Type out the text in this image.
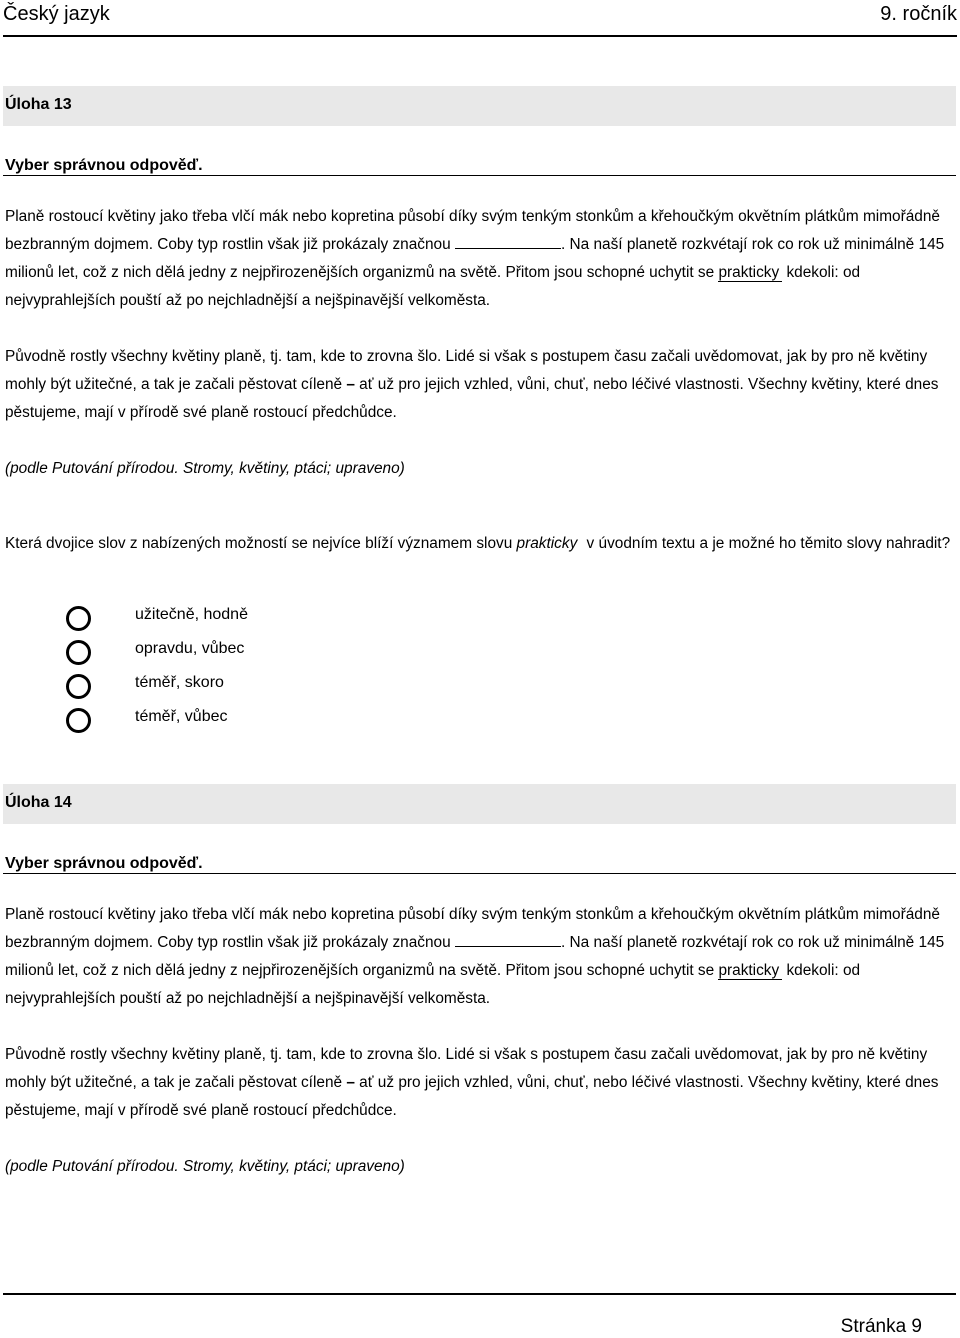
Český jazyk	9. ročník
Úloha 13
Vyber správnou odpověď.

Planě rostoucí květiny jako třeba vlčí mák nebo kopretina působí díky svým tenkým stonkům a křehoučkým okvětním plátkům mimořádně bezbranným dojmem. Coby typ rostlin však již prokázaly značnou	. Na naší planetě rozkvétají rok co rok už minimálně 145 milionů let, což z nich dělá jedny z nejpřirozenějších organizmů na světě. Přitom jsou schopné uchytit se prakticky kdekoli: od nejvyprahlejších pouští až po nejchladnější a nejšpinavější velkoměsta.

Původně rostly všechny květiny planě, tj. tam, kde to zrovna šlo. Lidé si však s postupem času začali uvědomovat, jak by pro ně květiny mohly být užitečné, a tak je začali pěstovat cíleně – ať už pro jejich vzhled, vůni, chuť, nebo léčivé vlastnosti. Všechny květiny, které dnes pěstujeme, mají v přírodě své planě rostoucí předchůdce.

(podle Putování přírodou. Stromy, květiny, ptáci; upraveno)
Která dvojice slov z nabízených možností se nejvíce blíží významem slovu prakticky v úvodním textu a je možné ho těmito slovy nahradit?
užitečně, hodně
opravdu, vůbec
téměř, skoro
téměř, vůbec
Úloha 14
Vyber správnou odpověď.

Planě rostoucí květiny jako třeba vlčí mák nebo kopretina působí díky svým tenkým stonkům a křehoučkým okvětním plátkům mimořádně bezbranným dojmem. Coby typ rostlin však již prokázaly značnou	. Na naší planetě rozkvétají rok co rok už minimálně 145 milionů let, což z nich dělá jedny z nejpřirozenějších organizmů na světě. Přitom jsou schopné uchytit se prakticky kdekoli: od nejvyprahlejších pouští až po nejchladnější a nejšpinavější velkoměsta.

Původně rostly všechny květiny planě, tj. tam, kde to zrovna šlo. Lidé si však s postupem času začali uvědomovat, jak by pro ně květiny mohly být užitečné, a tak je začali pěstovat cíleně – ať už pro jejich vzhled, vůni, chuť, nebo léčivé vlastnosti. Všechny květiny, které dnes pěstujeme, mají v přírodě své planě rostoucí předchůdce.

(podle Putování přírodou. Stromy, květiny, ptáci; upraveno)
Stránka 9
